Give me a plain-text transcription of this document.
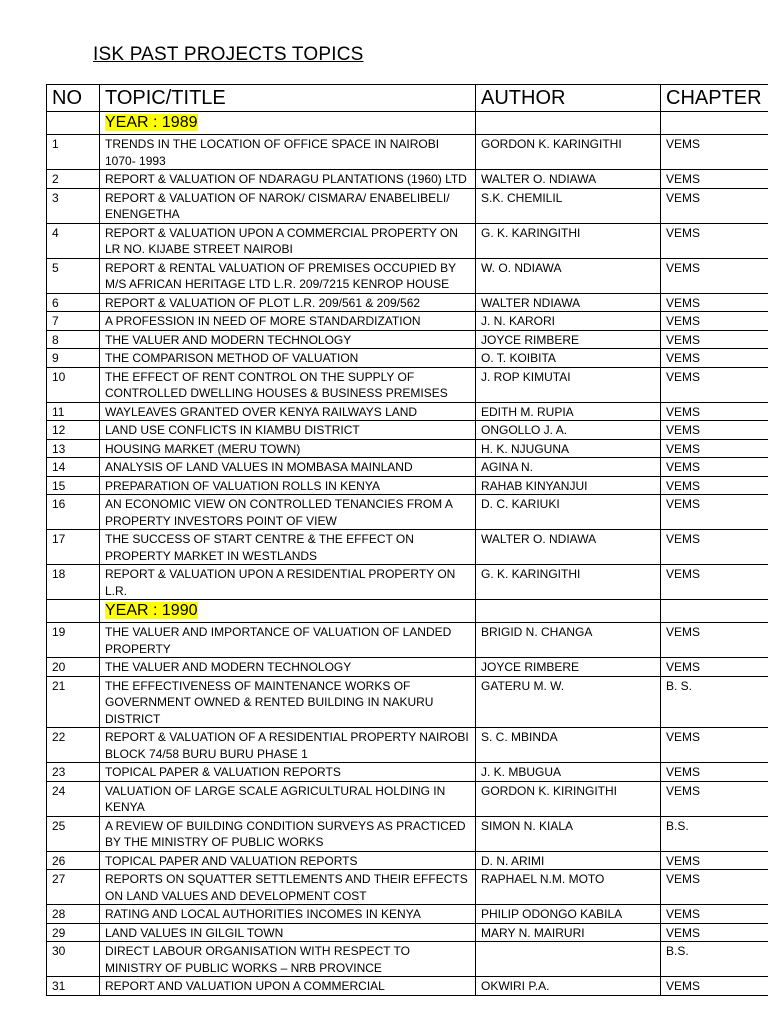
ISK PAST PROJECTS TOPICS
NO	TOPIC/TITLE	AUTHOR	CHAPTER
	YEAR : 1989		
1	TRENDS IN THE LOCATION OF OFFICE SPACE IN NAIROBI 1070- 1993	GORDON K. KARINGITHI	VEMS
2	REPORT & VALUATION OF NDARAGU PLANTATIONS (1960) LTD	WALTER O. NDIAWA	VEMS
3	REPORT & VALUATION OF NAROK/ CISMARA/ ENABELIBELI/ ENENGETHA	S.K. CHEMILIL	VEMS
4	REPORT & VALUATION UPON A COMMERCIAL PROPERTY ON LR NO. KIJABE STREET NAIROBI	G. K. KARINGITHI	VEMS
5	REPORT & RENTAL VALUATION OF PREMISES OCCUPIED BY M/S AFRICAN HERITAGE LTD L.R. 209/7215 KENROP HOUSE	W. O. NDIAWA	VEMS
6	REPORT & VALUATION OF PLOT L.R. 209/561 & 209/562	WALTER NDIAWA	VEMS
7	A PROFESSION IN NEED OF MORE STANDARDIZATION	J. N. KARORI	VEMS
8	THE VALUER AND MODERN TECHNOLOGY	JOYCE RIMBERE	VEMS
9	THE COMPARISON METHOD OF VALUATION	O. T. KOIBITA	VEMS
10	THE EFFECT OF RENT CONTROL ON THE SUPPLY OF CONTROLLED DWELLING HOUSES & BUSINESS PREMISES	J. ROP KIMUTAI	VEMS
11	WAYLEAVES GRANTED OVER KENYA RAILWAYS LAND	EDITH M. RUPIA	VEMS
12	LAND USE CONFLICTS IN KIAMBU DISTRICT	ONGOLLO J. A.	VEMS
13	HOUSING MARKET (MERU TOWN)	H. K. NJUGUNA	VEMS
14	ANALYSIS OF LAND VALUES IN MOMBASA MAINLAND	AGINA N.	VEMS
15	PREPARATION OF VALUATION ROLLS IN KENYA	RAHAB KINYANJUI	VEMS
16	AN ECONOMIC VIEW ON CONTROLLED TENANCIES FROM A PROPERTY INVESTORS POINT OF VIEW	D. C. KARIUKI	VEMS
17	THE SUCCESS OF START CENTRE & THE EFFECT ON PROPERTY MARKET IN WESTLANDS	WALTER O. NDIAWA	VEMS
18	REPORT & VALUATION UPON A RESIDENTIAL PROPERTY ON L.R.	G. K. KARINGITHI	VEMS
	YEAR : 1990		
19	THE VALUER AND IMPORTANCE OF VALUATION OF LANDED PROPERTY	BRIGID N. CHANGA	VEMS
20	THE VALUER AND MODERN TECHNOLOGY	JOYCE RIMBERE	VEMS
21	THE EFFECTIVENESS OF MAINTENANCE WORKS OF GOVERNMENT OWNED & RENTED BUILDING IN NAKURU DISTRICT	GATERU M. W.	B. S.
22	REPORT & VALUATION OF A RESIDENTIAL PROPERTY NAIROBI BLOCK 74/58 BURU BURU PHASE 1	S. C. MBINDA	VEMS
23	TOPICAL PAPER & VALUATION REPORTS	J. K. MBUGUA	VEMS
24	VALUATION OF LARGE SCALE AGRICULTURAL HOLDING IN KENYA	GORDON K. KIRINGITHI	VEMS
25	A REVIEW OF BUILDING CONDITION SURVEYS AS PRACTICED BY THE MINISTRY OF PUBLIC WORKS	SIMON N. KIALA	B.S.
26	TOPICAL PAPER AND VALUATION REPORTS	D. N. ARIMI	VEMS
27	REPORTS ON SQUATTER SETTLEMENTS AND THEIR EFFECTS ON LAND VALUES AND DEVELOPMENT COST	RAPHAEL N.M. MOTO	VEMS
28	RATING AND LOCAL AUTHORITIES INCOMES IN KENYA	PHILIP ODONGO KABILA	VEMS
29	LAND VALUES IN GILGIL TOWN	MARY N. MAIRURI	VEMS
30	DIRECT LABOUR ORGANISATION WITH RESPECT TO MINISTRY OF PUBLIC WORKS – NRB PROVINCE		B.S.
31	REPORT AND VALUATION UPON A COMMERCIAL	OKWIRI P.A.	VEMS
